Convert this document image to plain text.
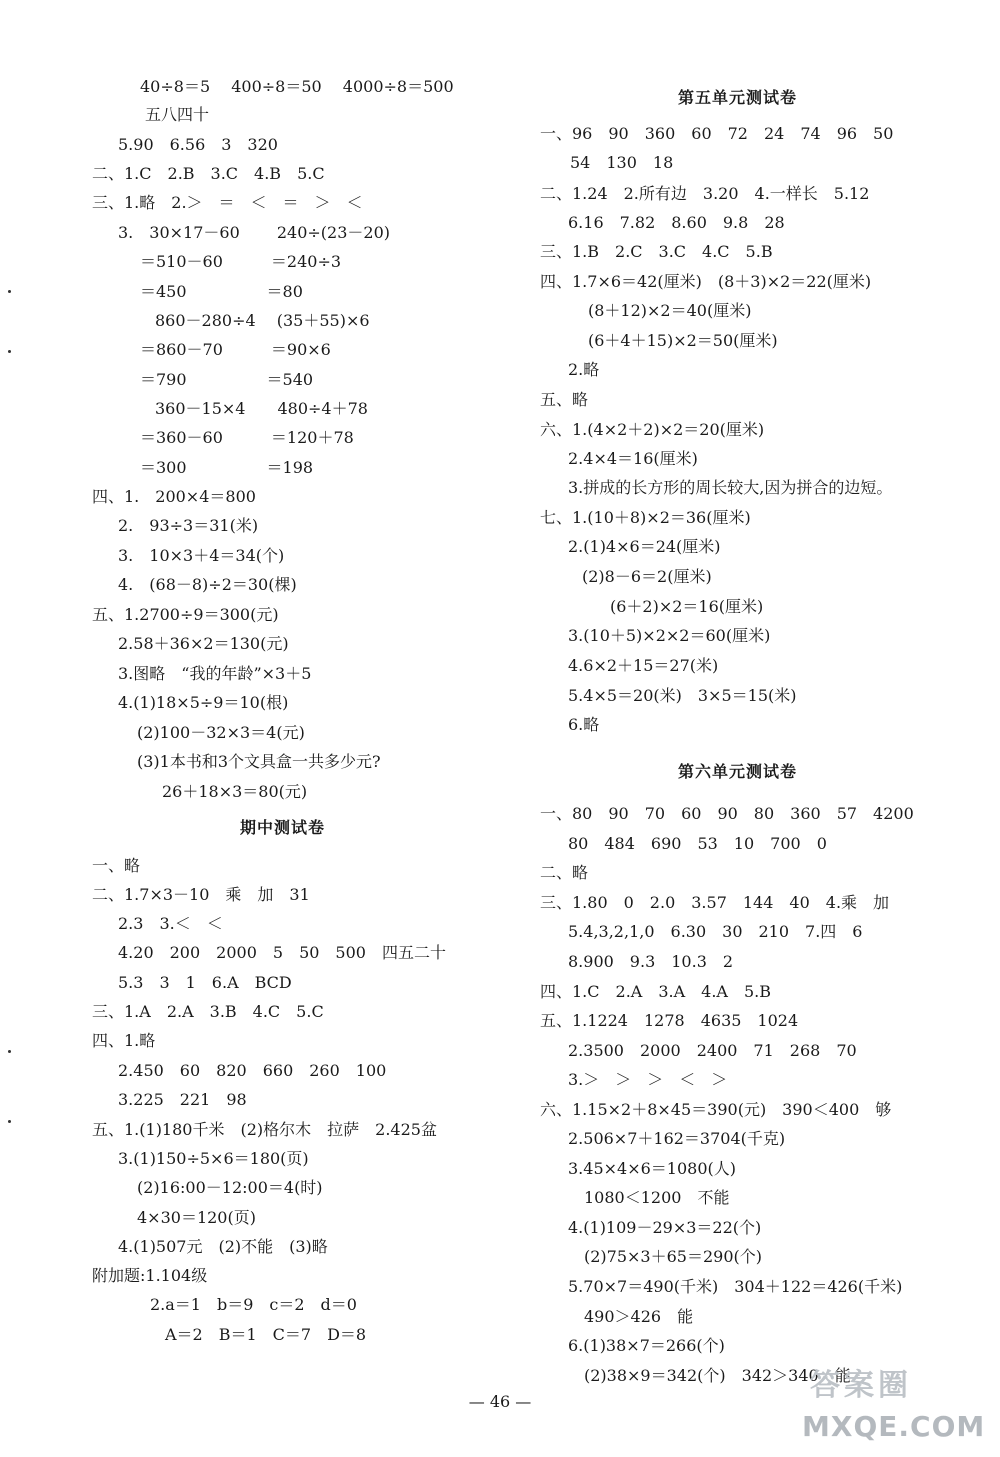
40÷8＝5　 400÷8＝50　 4000÷8＝500
五八四十
5.90　6.56　3　320
二、1.C　2.B　3.C　4.B　5.C
三、1.略　2.＞　＝　＜　＝　＞　＜
3.　30×17－60　　 240÷(23－20)
＝510－60　　　＝240÷3
＝450　　　　　＝80
860－280÷4　 (35＋55)×6
＝860－70　　　＝90×6
＝790　　　　　＝540
360－15×4　　480÷4＋78
＝360－60　　　＝120＋78
＝300　　　　　＝198
四、1.　200×4＝800
2.　93÷3＝31(米)
3.　10×3＋4＝34(个)
4.　(68－8)÷2＝30(棵)
五、1.2700÷9＝300(元)
2.58＋36×2＝130(元)
3.图略　“我的年龄”×3＋5
4.(1)18×5÷9＝10(根)
(2)100－32×3＝4(元)
(3)1本书和3个文具盒一共多少元?
26＋18×3＝80(元)
期中测试卷
一、略
二、1.7×3－10　乘　加　31
2.3　3.＜　＜
4.20　200　2000　5　50　500　四五二十
5.3　3　1　6.A　BCD
三、1.A　2.A　3.B　4.C　5.C
四、1.略
2.450　60　820　660　260　100
3.225　221　98
五、1.(1)180千米　(2)格尔木　拉萨　2.425盆
3.(1)150÷5×6＝180(页)
(2)16:00－12:00＝4(时)
4×30＝120(页)
4.(1)507元　(2)不能　(3)略
附加题:1.104级
2.a＝1　b＝9　c＝2　d＝0
A＝2　B＝1　C＝7　D＝8
第五单元测试卷
一、96　90　360　60　72　24　74　96　50
54　130　18
二、1.24　2.所有边　3.20　4.一样长　5.12
6.16　7.82　8.60　9.8　28
三、1.B　2.C　3.C　4.C　5.B
四、1.7×6＝42(厘米)　(8＋3)×2＝22(厘米)
(8＋12)×2＝40(厘米)
(6＋4＋15)×2＝50(厘米)
2.略
五、略
六、1.(4×2＋2)×2＝20(厘米)
2.4×4＝16(厘米)
3.拼成的长方形的周长较大,因为拼合的边短。
七、1.(10＋8)×2＝36(厘米)
2.(1)4×6＝24(厘米)
(2)8－6＝2(厘米)
(6＋2)×2＝16(厘米)
3.(10＋5)×2×2＝60(厘米)
4.6×2＋15＝27(米)
5.4×5＝20(米)　3×5＝15(米)
6.略
第六单元测试卷
一、80　90　70　60　90　80　360　57　4200
80　484　690　53　10　700　0
二、略
三、1.80　0　2.0　3.57　144　40　4.乘　加
5.4,3,2,1,0　6.30　30　210　7.四　6
8.900　9.3　10.3　2
四、1.C　2.A　3.A　4.A　5.B
五、1.1224　1278　4635　1024
2.3500　2000　2400　71　268　70
3.＞　＞　＞　＜　＞
六、1.15×2＋8×45＝390(元)　390＜400　够
2.506×7＋162＝3704(千克)
3.45×4×6＝1080(人)
1080＜1200　不能
4.(1)109－29×3＝22(个)
(2)75×3＋65＝290(个)
5.70×7＝490(千米)　304＋122＝426(千米)
490＞426　能
6.(1)38×7＝266(个)
(2)38×9＝342(个)　342＞340　能
— 46 —	答案圈
MXQE.COM
